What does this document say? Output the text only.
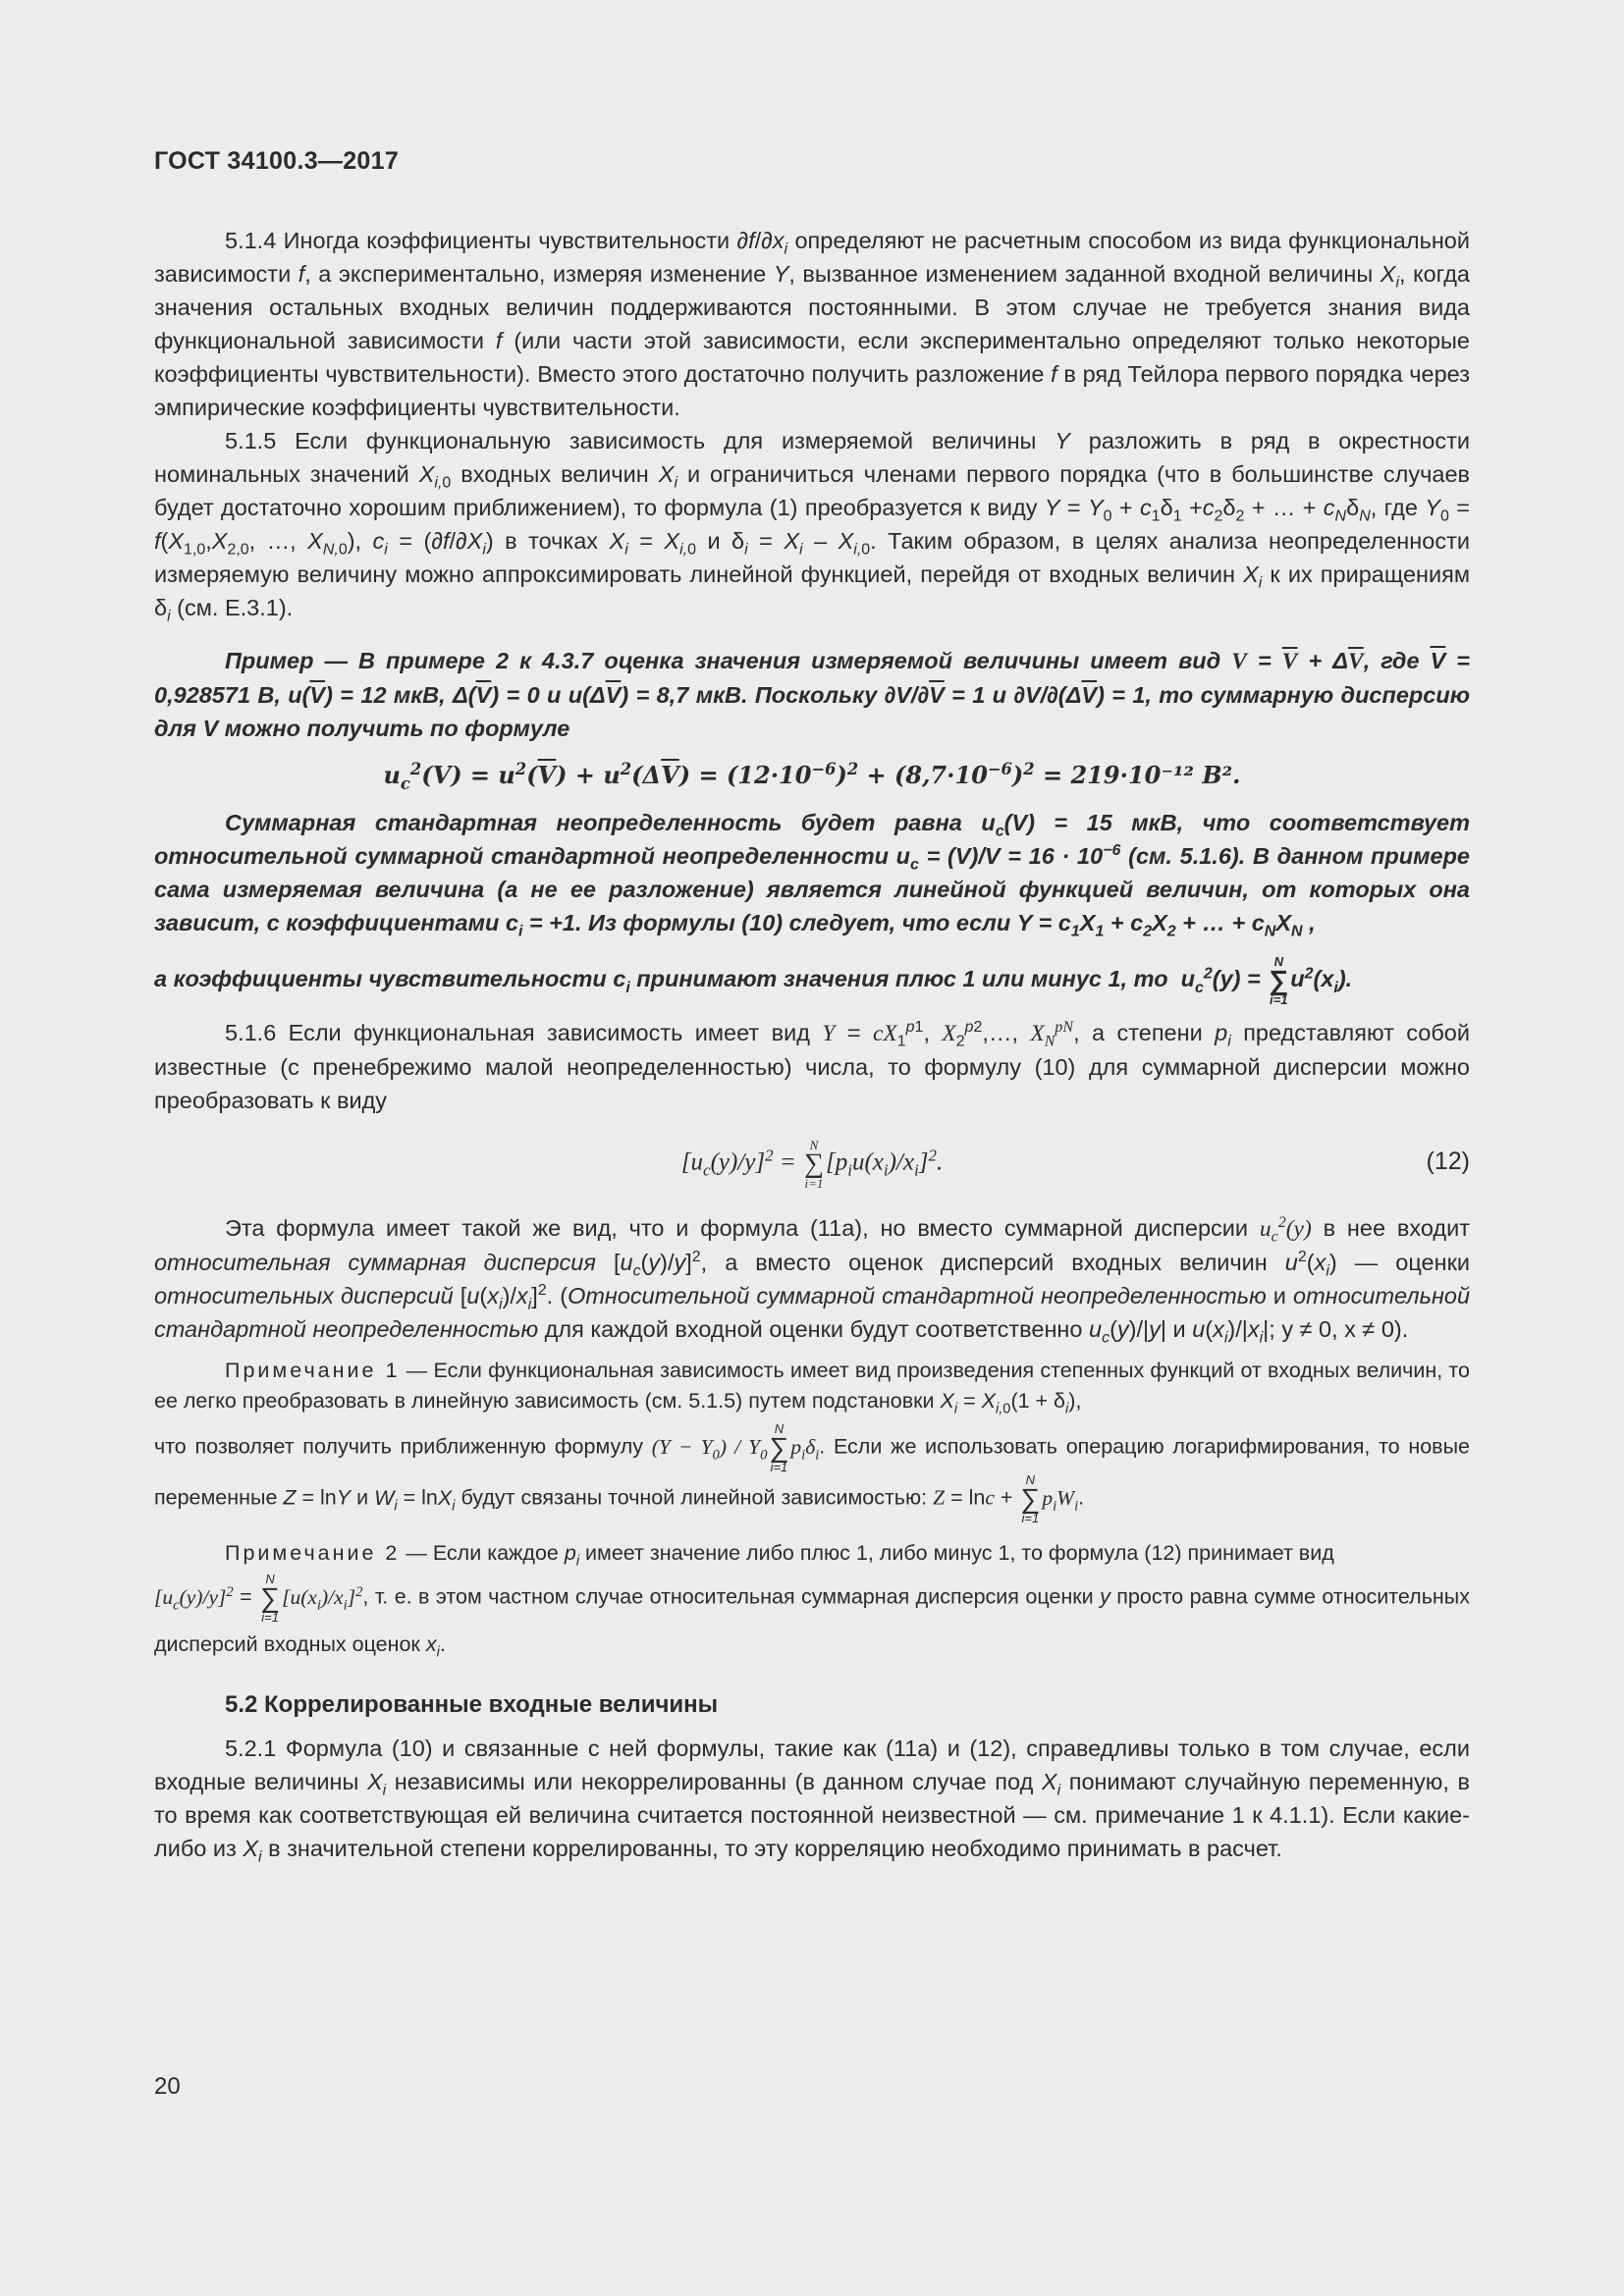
ГОСТ 34100.3—2017

5.1.4 Иногда коэффициенты чувствительности $\partial f/\partial x_i$ определяют не расчетным способом из вида функциональной зависимости f, а экспериментально, измеряя изменение Y, вызванное изменением заданной входной величины $X_i$, когда значения остальных входных величин поддерживаются постоянными. В этом случае не требуется знания вида функциональной зависимости f (или части этой зависимости, если экспериментально определяют только некоторые коэффициенты чувствительности). Вместо этого достаточно получить разложение f в ряд Тейлора первого порядка через эмпирические коэффициенты чувствительности.

5.1.5 Если функциональную зависимость для измеряемой величины Y разложить в ряд в окрестности номинальных значений $X_{i,0}$ входных величин $X_i$ и ограничиться членами первого порядка (что в большинстве случаев будет достаточно хорошим приближением), то формула (1) преобразуется к виду $Y = Y_0 + c_1\delta_1 +c_2\delta_2$ + … + $c_N\delta_N$, где $Y_0 = f(X_{1,0},X_{2,0}$, …, $X_{N,0}$), $c_i = (\partial f/\partial X_i)$ в точках $X_i = X_{i,0}$ и $\delta_i = X_i - X_{i,0}$. Таким образом, в целях анализа неопределенности измеряемую величину можно аппроксимировать линейной функцией, перейдя от входных величин $X_i$ к их приращениям $\delta_i$ (см. Е.3.1).

Пример — В примере 2 к 4.3.7 оценка значения измеряемой величины имеет вид $V = \overline{V} + \Delta\overline{V}$, где $\overline{V} = 0,928571$ В, $u(\overline{V}) = 12$ мкВ, $\Delta(\overline{V}) = 0$ и $u(\Delta\overline{V}) = 8,7$ мкВ. Поскольку $\partial V/\partial\overline{V} = 1$ и $\partial V/\partial(\Delta\overline{V}) = 1$, то суммарную дисперсию для V можно получить по формуле

$u_c^2(V) = u^2(\overline{V}) + u^2(\Delta\overline{V}) = (12\cdot 10^{-6})^2 + (8,7\cdot 10^{-6})^2 = 219\cdot 10^{-12}$ В².

Суммарная стандартная неопределенность будет равна $u_c(V) = 15$ мкВ, что соответствует относительной суммарной стандартной неопределенности $u_c = (V)/V = 16 \cdot 10^{-6}$ (см. 5.1.6). В данном примере сама измеряемая величина (а не ее разложение) является линейной функцией величин, от которых она зависит, с коэффициентами $c_i = +1$. Из формулы (10) следует, что если $Y = c_1X_1 + c_2X_2$ + … + $c_NX_N$ ,

а коэффициенты чувствительности $c_i$ принимают значения плюс 1 или минус 1, то  $u_c^2(y)$ =
N
∑
i=1
$u^2(x_i)$.

5.1.6 Если функциональная зависимость имеет вид $Y = cX_1^{p1}$, $X_2^{p2},\dots$, $X_N^{pN}$, а степени $p_i$ представляют собой известные (с пренебрежимо малой неопределенностью) числа, то формулу (10) для суммарной дисперсии можно преобразовать к виду

$[u_c(y)/y]^2$ =
N
∑
i=1
$[p_iu(x_i)/x_i]^2$.	(12)

Эта формула имеет такой же вид, что и формула (11а), но вместо суммарной дисперсии $u_c^2(y)$ в нее входит относительная суммарная дисперсия $[u_c(y)/y]^2$, а вместо оценок дисперсий входных величин $u^2(x_i)$ — оценки относительных дисперсий $[u(x_i)/x_i]^2$. (Относительной суммарной стандартной неопределенностью и относительной стандартной неопределенностью для каждой входной оценки будут соответственно $u_c(y)/|y|$ и $u(x_i)/|x_i|$; y ≠ 0, x ≠ 0).

Примечание 1 — Если функциональная зависимость имеет вид произведения степенных функций от входных величин, то ее легко преобразовать в линейную зависимость (см. 5.1.5) путем подстановки $X_i = X_{i,0}(1 + \delta_i)$,

что позволяет получить приближенную формулу $(Y - Y_0) / Y_0$
N
∑
i=1
$p_i\delta_i$. Если же использовать операцию логарифмирования, то новые переменные Z = lnY и $W_i = \ln X_i$ будут связаны точной линейной зависимостью: Z = lnc +
N
∑
i=1
$p_iW_i$.

Примечание 2 — Если каждое $p_i$ имеет значение либо плюс 1, либо минус 1, то формула (12) принимает вид

$[u_c(y)/y]^2$ =
N
∑
i=1
$[u(x_i)/x_i]^2$, т. е. в этом частном случае относительная суммарная дисперсия оценки y просто равна сумме относительных дисперсий входных оценок $x_i$.

5.2 Коррелированные входные величины

5.2.1 Формула (10) и связанные с ней формулы, такие как (11а) и (12), справедливы только в том случае, если входные величины $X_i$ независимы или некоррелированны (в данном случае под $X_i$ понимают случайную переменную, в то время как соответствующая ей величина считается постоянной неизвестной — см. примечание 1 к 4.1.1). Если какие-либо из $X_i$ в значительной степени коррелированны, то эту корреляцию необходимо принимать в расчет.

20
